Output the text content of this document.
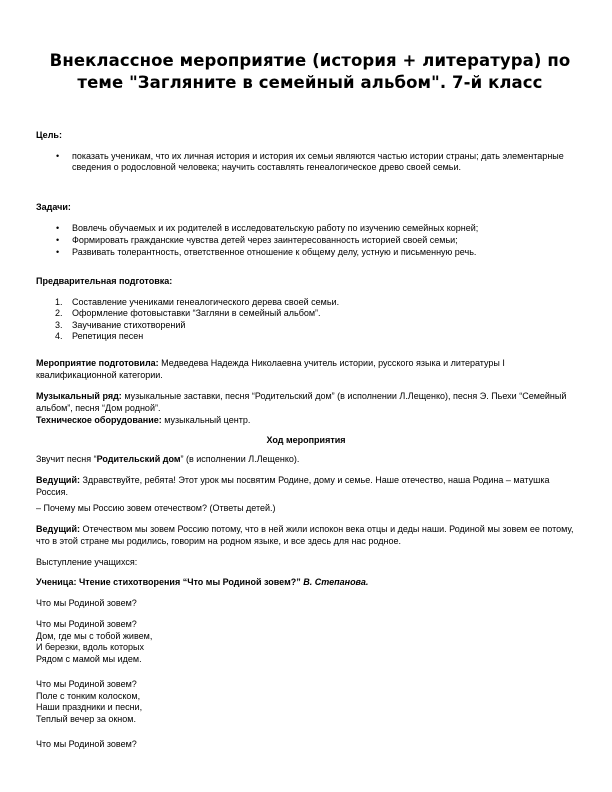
Внеклассное мероприятие (история + литература) по теме "Загляните в семейный альбом". 7-й класс
Цель:
• показать ученикам, что их личная история и история их семьи являются частью истории страны; дать элементарные сведения о родословной человека; научить составлять генеалогическое древо своей семьи.
Задачи:
• Вовлечь обучаемых и их родителей в исследовательскую работу по изучению семейных корней;
• Формировать гражданские чувства детей через заинтересованность историей своей семьи;
• Развивать толерантность, ответственное отношение к общему делу, устную и письменную речь.
Предварительная подготовка:
1. Составление учениками генеалогического дерева своей семьи.
2. Оформление фотовыставки “Загляни в семейный альбом”.
3. Заучивание стихотворений
4. Репетиция песен
Мероприятие подготовила: Медведева Надежда Николаевна учитель истории, русского языка и литературы I квалификационной категории.
Музыкальный ряд: музыкальные заставки, песня “Родительский дом” (в исполнении Л.Лещенко), песня Э. Пьехи “Семейный альбом”, песня “Дом родной”.
Техническое оборудование: музыкальный центр.
Ход мероприятия
Звучит песня “Родительский дом” (в исполнении Л.Лещенко).
Ведущий: Здравствуйте, ребята! Этот урок мы посвятим Родине, дому и семье. Наше отечество, наша Родина – матушка Россия.
– Почему мы Россию зовем отечеством? (Ответы детей.)
Ведущий: Отечеством мы зовем Россию потому, что в ней жили испокон века отцы и деды наши. Родиной мы зовем ее потому, что в этой стране мы родились, говорим на родном языке, и все здесь для нас родное.
Выступление учащихся:
Ученица: Чтение стихотворения “Что мы Родиной зовем?” В. Степанова.
Что мы Родиной зовем?
Что мы Родиной зовем?
Дом, где мы с тобой живем,
И березки, вдоль которых
Рядом с мамой мы идем.
Что мы Родиной зовем?
Поле с тонким колоском,
Наши праздники и песни,
Теплый вечер за окном.
Что мы Родиной зовем?
